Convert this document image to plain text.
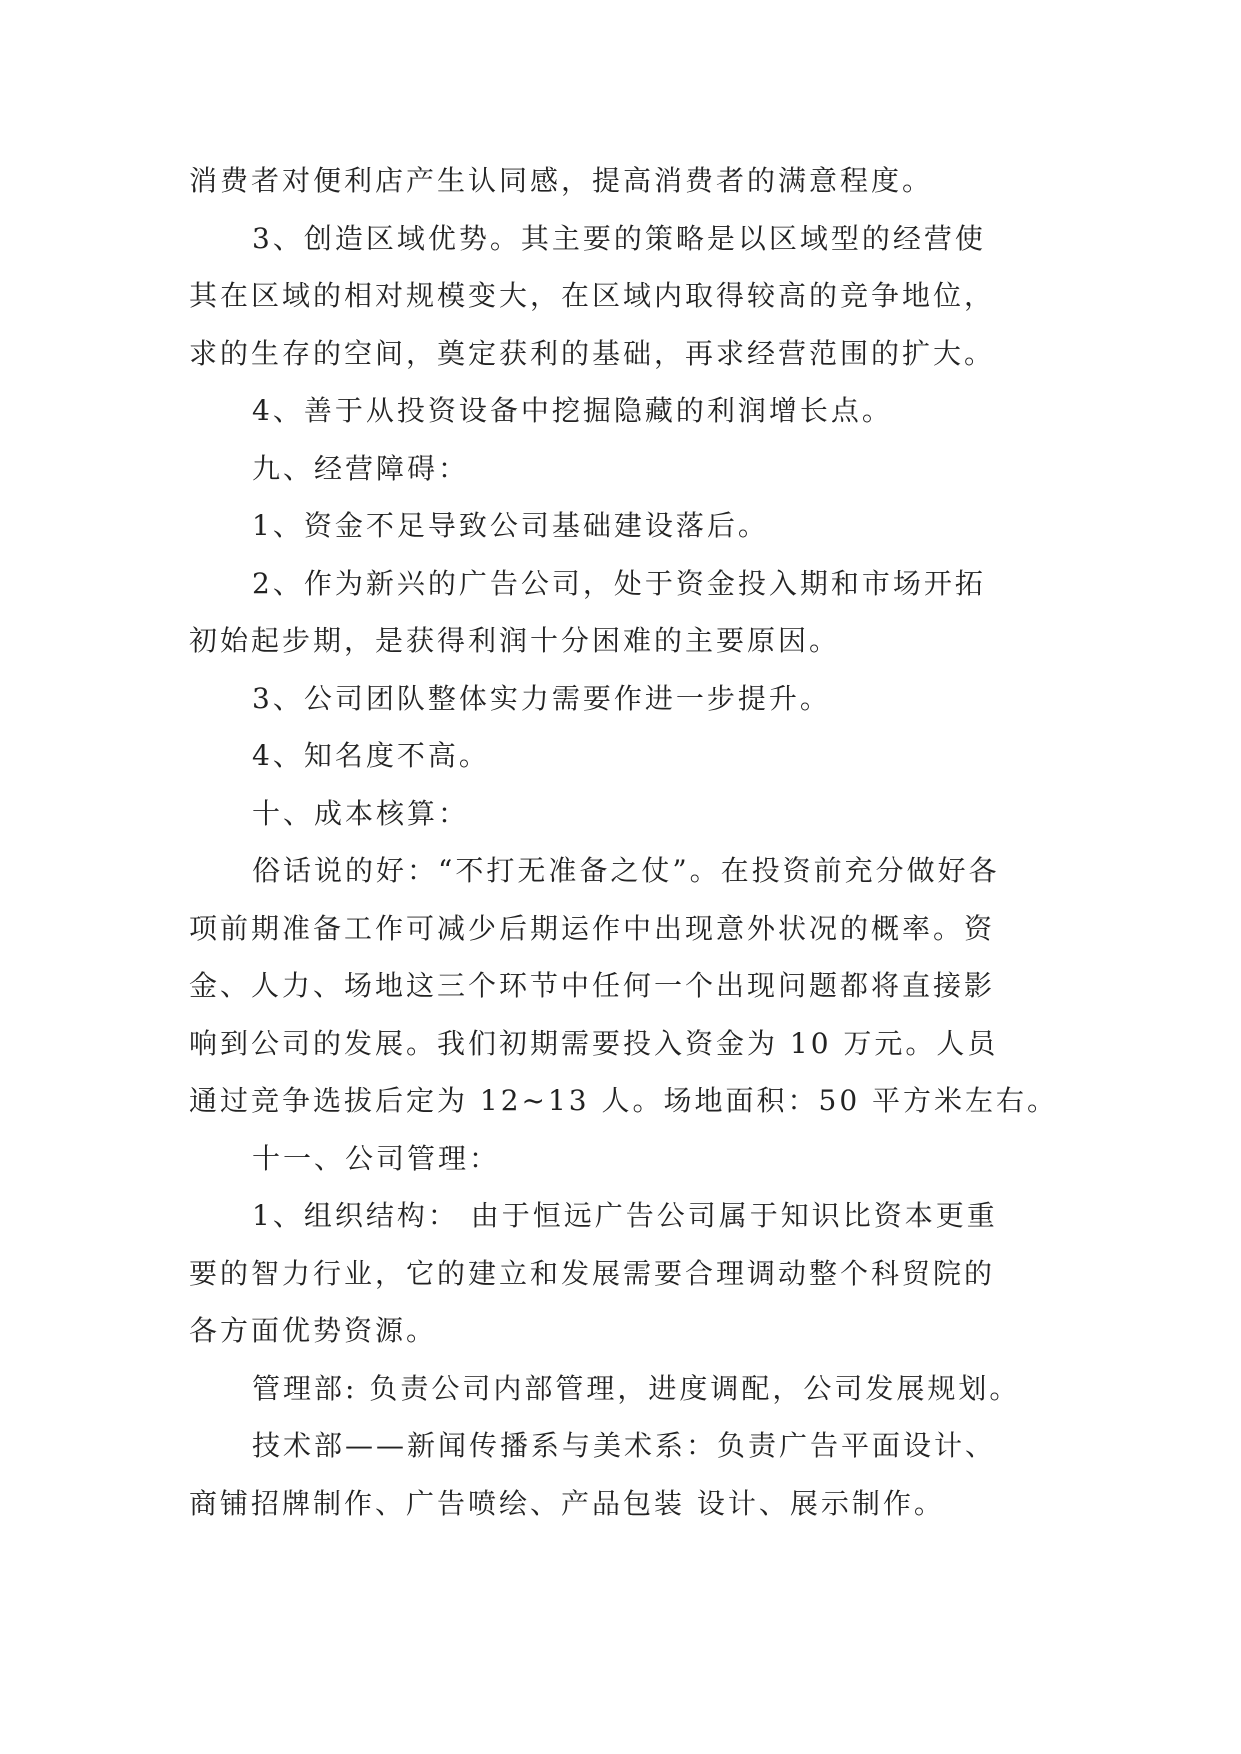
消费者对便利店产生认同感，提高消费者的满意程度。
3、创造区域优势。其主要的策略是以区域型的经营使
其在区域的相对规模变大，在区域内取得较高的竞争地位，
求的生存的空间，奠定获利的基础，再求经营范围的扩大。
4、善于从投资设备中挖掘隐藏的利润增长点。
九、经营障碍：
1、资金不足导致公司基础建设落后。
2、作为新兴的广告公司，处于资金投入期和市场开拓
初始起步期，是获得利润十分困难的主要原因。
3、公司团队整体实力需要作进一步提升。
4、知名度不高。
十、成本核算：
俗话说的好：“不打无准备之仗”。在投资前充分做好各
项前期准备工作可减少后期运作中出现意外状况的概率。资
金、人力、场地这三个环节中任何一个出现问题都将直接影
响到公司的发展。我们初期需要投入资金为 10 万元。人员
通过竞争选拔后定为 12~13 人。场地面积：50 平方米左右。
十一、公司管理：
1、组织结构： 由于恒远广告公司属于知识比资本更重
要的智力行业，它的建立和发展需要合理调动整个科贸院的
各方面优势资源。
管理部: 负责公司内部管理，进度调配，公司发展规划。
技术部——新闻传播系与美术系：负责广告平面设计、
商铺招牌制作、广告喷绘、产品包装 设计、展示制作。
